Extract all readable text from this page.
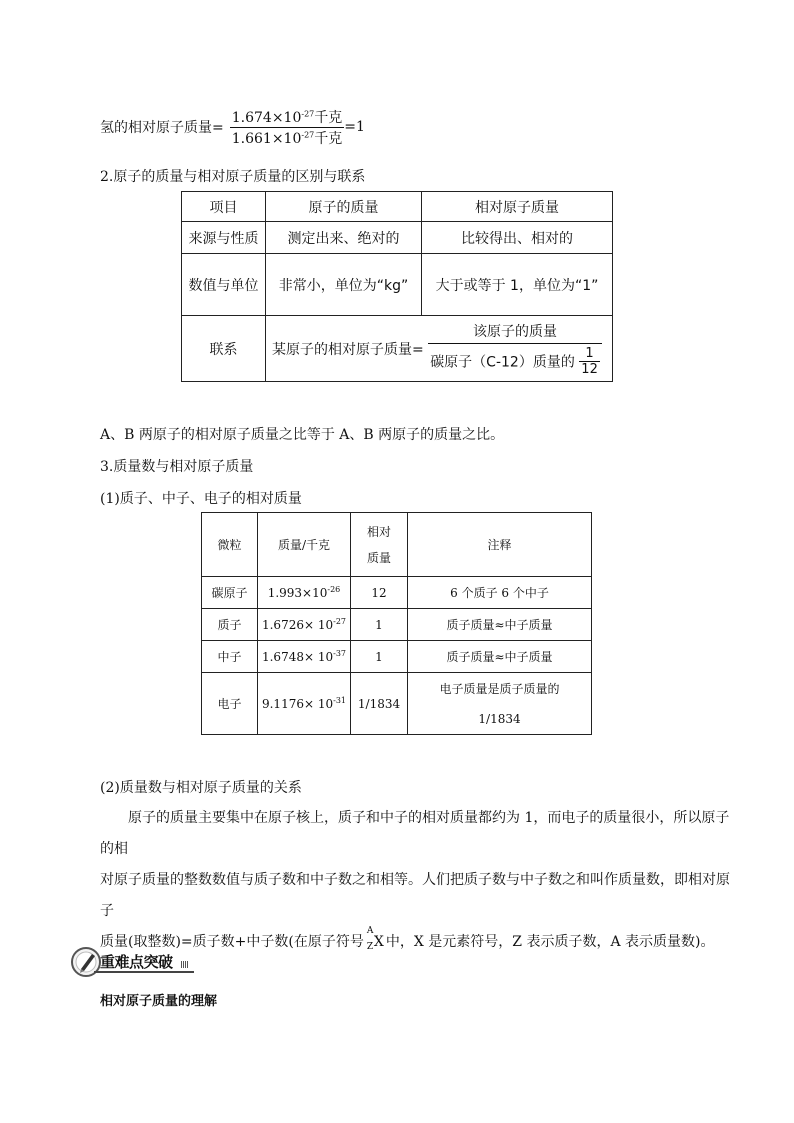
氢的相对原子质量= $\frac{1.674\times 10^{-27}千克}{1.661\times 10^{-27}千克} =1$
2.原子的质量与相对原子质量的区别与联系
项目	原子的质量	相对原子质量
来源与性质	测定出来、绝对的	比较得出、相对的
数值与单位	非常小，单位为“kg”	大于或等于 1，单位为“1”
联系	某原子的相对原子质量= $\frac{\text{该原子的质量}}{碳原子(C-12)质量的 \frac{1}{12}}$
A、B 两原子的相对原子质量之比等于 A、B 两原子的质量之比。
3.质量数与相对原子质量
(1)质子、中子、电子的相对质量
微粒	质量/千克	相对质量	注释
碳原子	$1.993\times 10^{-26}$	12	6 个质子 6 个中子
质子	$1.6726\times 10^{-27}$	1	质子质量≈中子质量
中子	$1.6748\times 10^{-37}$	1	质子质量≈中子质量
电子	$9.1176\times 10^{-31}$	1/1834	电子质量是质子质量的
1/1834
(2)质量数与相对原子质量的关系
原子的质量主要集中在原子核上，质子和中子的相对质量都约为 1，而电子的质量很小，所以原子的相
对原子质量的整数数值与质子数和中子数之和相等。人们把质子数与中子数之和叫作质量数，即相对原子
质量(取整数)=质子数+中子数(在原子符号
A
Z X 中，X 是元素符号，Z 表示质子数，A 表示质量数)。
重难点突破
相对原子质量的理解
